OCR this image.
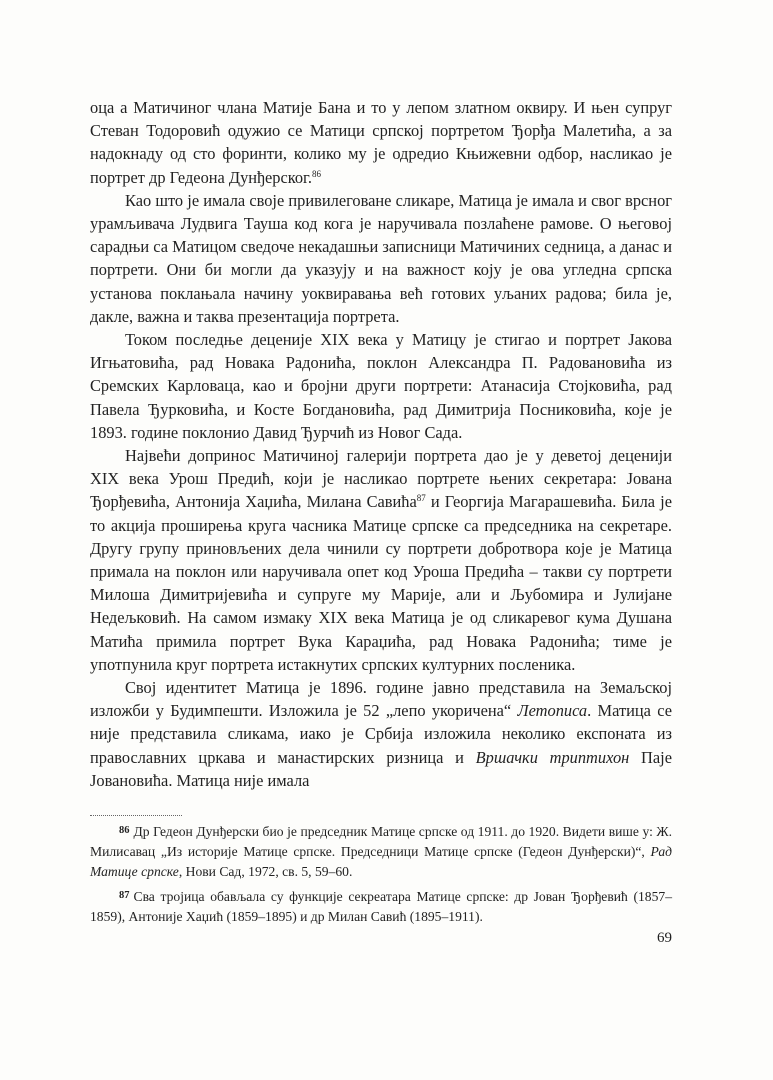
оца а Матичиног члана Матије Бана и то у лепом златном оквиру. И њен супруг Стеван Тодоровић одужио се Матици српској портретом Ђорђа Малетића, а за надокнаду од сто форинти, колико му је одредио Књижевни одбор, насликао је портрет др Гедеона Дунђерског.$^{86}$

Као што је имала своје привилеговане сликаре, Матица је имала и свог врсног урамљивача Лудвига Тауша код кога је наручивала позлаћене рамове. О његовој сарадњи са Матицом сведоче некадашњи записници Матичиних седница, а данас и портрети. Они би могли да указују и на важност коју је ова угледна српска установа поклањала начину уоквиравања већ готових уљаних радова; била је, дакле, важна и таква презентација портрета.

Током последње деценије XIX века у Матицу је стигао и портрет Јакова Игњатовића, рад Новака Радонића, поклон Александра П. Радовановића из Сремских Карловаца, као и бројни други портрети: Атанасија Стојковића, рад Павела Ђурковића, и Косте Богдановића, рад Димитрија Посниковића, које је 1893. године поклонио Давид Ђурчић из Новог Сада.

Највећи допринос Матичиној галерији портрета дао је у деветој деценији XIX века Урош Предић, који је насликао портрете њених секретара: Јована Ђорђевића, Антонија Хаџића, Милана Савића$^{87}$ и Георгија Магарашевића. Била је то акција проширења круга часника Матице српске са председника на секретаре. Другу групу приновљених дела чинили су портрети добротвора које је Матица примала на поклон или наручивала опет код Уроша Предића – такви су портрети Милоша Димитријевића и супруге му Марије, али и Љубомира и Јулијане Недељковић. На самом измаку XIX века Матица је од сликаревог кума Душана Матића примила портрет Вука Караџића, рад Новака Радонића; тиме је употпунила круг портрета истакнутих српских културних посленика.

Свој идентитет Матица је 1896. године јавно представила на Земаљској изложби у Будимпешти. Изложила је 52 „лепо укоричена“ Летописа. Матица се није представила сликама, иако је Србија изложила неколико експоната из православних цркава и манастирских ризница и Вршачки триптихон Паје Јовановића. Матица није имала

$^{86}$ Др Гедеон Дунђерски био је председник Матице српске од 1911. до 1920. Видети више у: Ж. Милисавац „Из историје Матице српске. Председници Матице српске (Гедеон Дунђерски)“, Рад Матице српске, Нови Сад, 1972, св. 5, 59–60.

$^{87}$ Сва тројица обављала су функције секреатара Матице српске: др Јован Ђорђевић (1857–1859), Антоније Хаџић (1859–1895) и др Милан Савић (1895–1911).

69
